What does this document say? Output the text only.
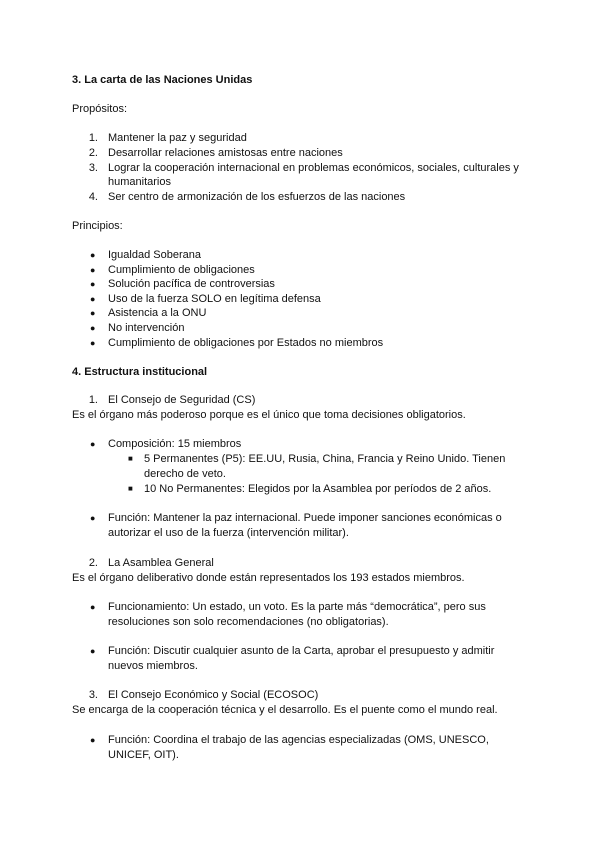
3. La carta de las Naciones Unidas
Propósitos:
1. Mantener la paz y seguridad
2. Desarrollar relaciones amistosas entre naciones
3. Lograr la cooperación internacional en problemas económicos, sociales, culturales y
humanitarios
4. Ser centro de armonización de los esfuerzos de las naciones
Principios:
● Igualdad Soberana
● Cumplimiento de obligaciones
● Solución pacífica de controversias
● Uso de la fuerza SOLO en legítima defensa
● Asistencia a la ONU
● No intervención
● Cumplimiento de obligaciones por Estados no miembros
4. Estructura institucional
1. El Consejo de Seguridad (CS)
Es el órgano más poderoso porque es el único que toma decisiones obligatorios.
● Composición: 15 miembros
■ 5 Permanentes (P5): EE.UU, Rusia, China, Francia y Reino Unido. Tienen
derecho de veto.
■ 10 No Permanentes: Elegidos por la Asamblea por períodos de 2 años.
● Función: Mantener la paz internacional. Puede imponer sanciones económicas o
autorizar el uso de la fuerza (intervención militar).
2. La Asamblea General
Es el órgano deliberativo donde están representados los 193 estados miembros.
● Funcionamiento: Un estado, un voto. Es la parte más “democrática”, pero sus
resoluciones son solo recomendaciones (no obligatorias).
● Función: Discutir cualquier asunto de la Carta, aprobar el presupuesto y admitir
nuevos miembros.
3. El Consejo Económico y Social (ECOSOC)
Se encarga de la cooperación técnica y el desarrollo. Es el puente como el mundo real.
● Función: Coordina el trabajo de las agencias especializadas (OMS, UNESCO,
UNICEF, OIT).
